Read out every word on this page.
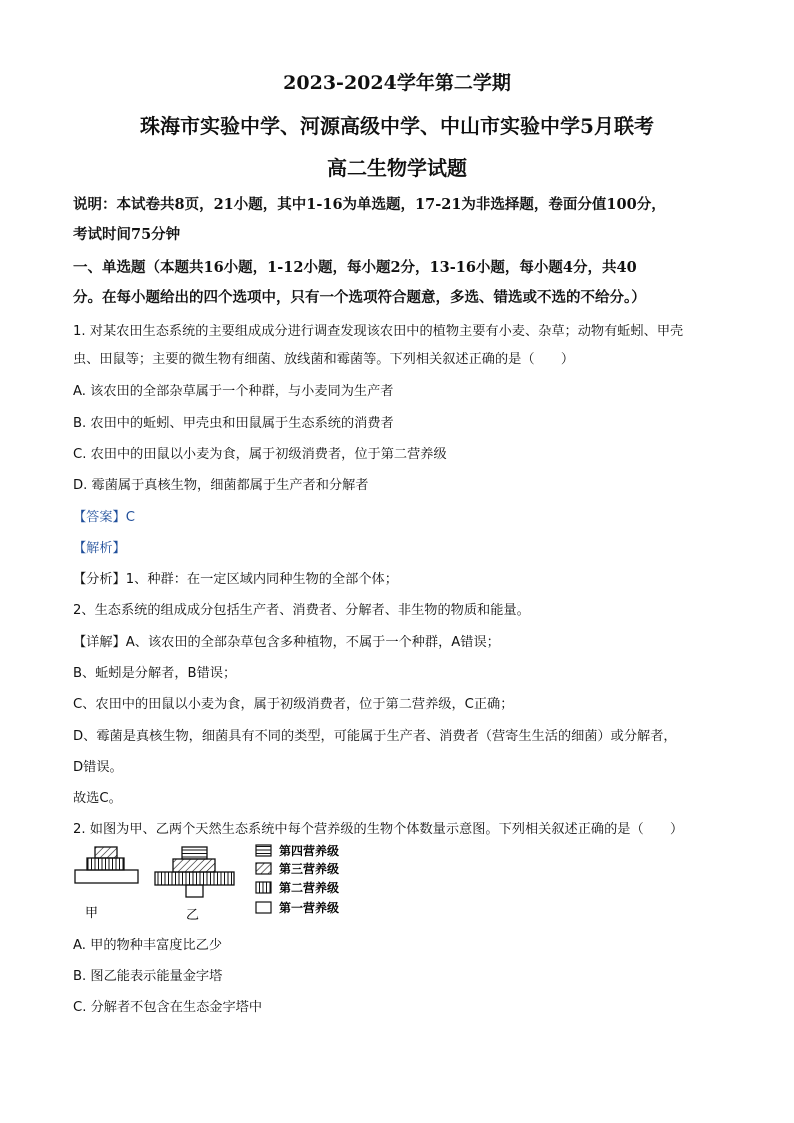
2023-2024学年第二学期
珠海市实验中学、河源高级中学、中山市实验中学5月联考
高二生物学试题
说明：本试卷共8页，21小题，其中1-16为单选题，17-21为非选择题，卷面分值100分，
考试时间75分钟
一、单选题（本题共16小题，1-12小题，每小题2分，13-16小题，每小题4分，共40
分。在每小题给出的四个选项中，只有一个选项符合题意，多选、错选或不选的不给分。）
1. 对某农田生态系统的主要组成成分进行调查发现该农田中的植物主要有小麦、杂草；动物有蚯蚓、甲壳
虫、田鼠等；主要的微生物有细菌、放线菌和霉菌等。下列相关叙述正确的是（　　）
A. 该农田的全部杂草属于一个种群，与小麦同为生产者
B. 农田中的蚯蚓、甲壳虫和田鼠属于生态系统的消费者
C. 农田中的田鼠以小麦为食，属于初级消费者，位于第二营养级
D. 霉菌属于真核生物，细菌都属于生产者和分解者
【答案】C
【解析】
【分析】1、种群：在一定区域内同种生物的全部个体；
2、生态系统的组成成分包括生产者、消费者、分解者、非生物的物质和能量。
【详解】A、该农田的全部杂草包含多种植物，不属于一个种群，A错误；
B、蚯蚓是分解者，B错误；
C、农田中的田鼠以小麦为食，属于初级消费者，位于第二营养级，C正确；
D、霉菌是真核生物，细菌具有不同的类型，可能属于生产者、消费者（营寄生生活的细菌）或分解者，
D错误。
故选C。
2. 如图为甲、乙两个天然生态系统中每个营养级的生物个体数量示意图。下列相关叙述正确的是（　　）
甲	乙
第四营养级
第三营养级
第二营养级
第一营养级
A. 甲的物种丰富度比乙少
B. 图乙能表示能量金字塔
C. 分解者不包含在生态金字塔中
